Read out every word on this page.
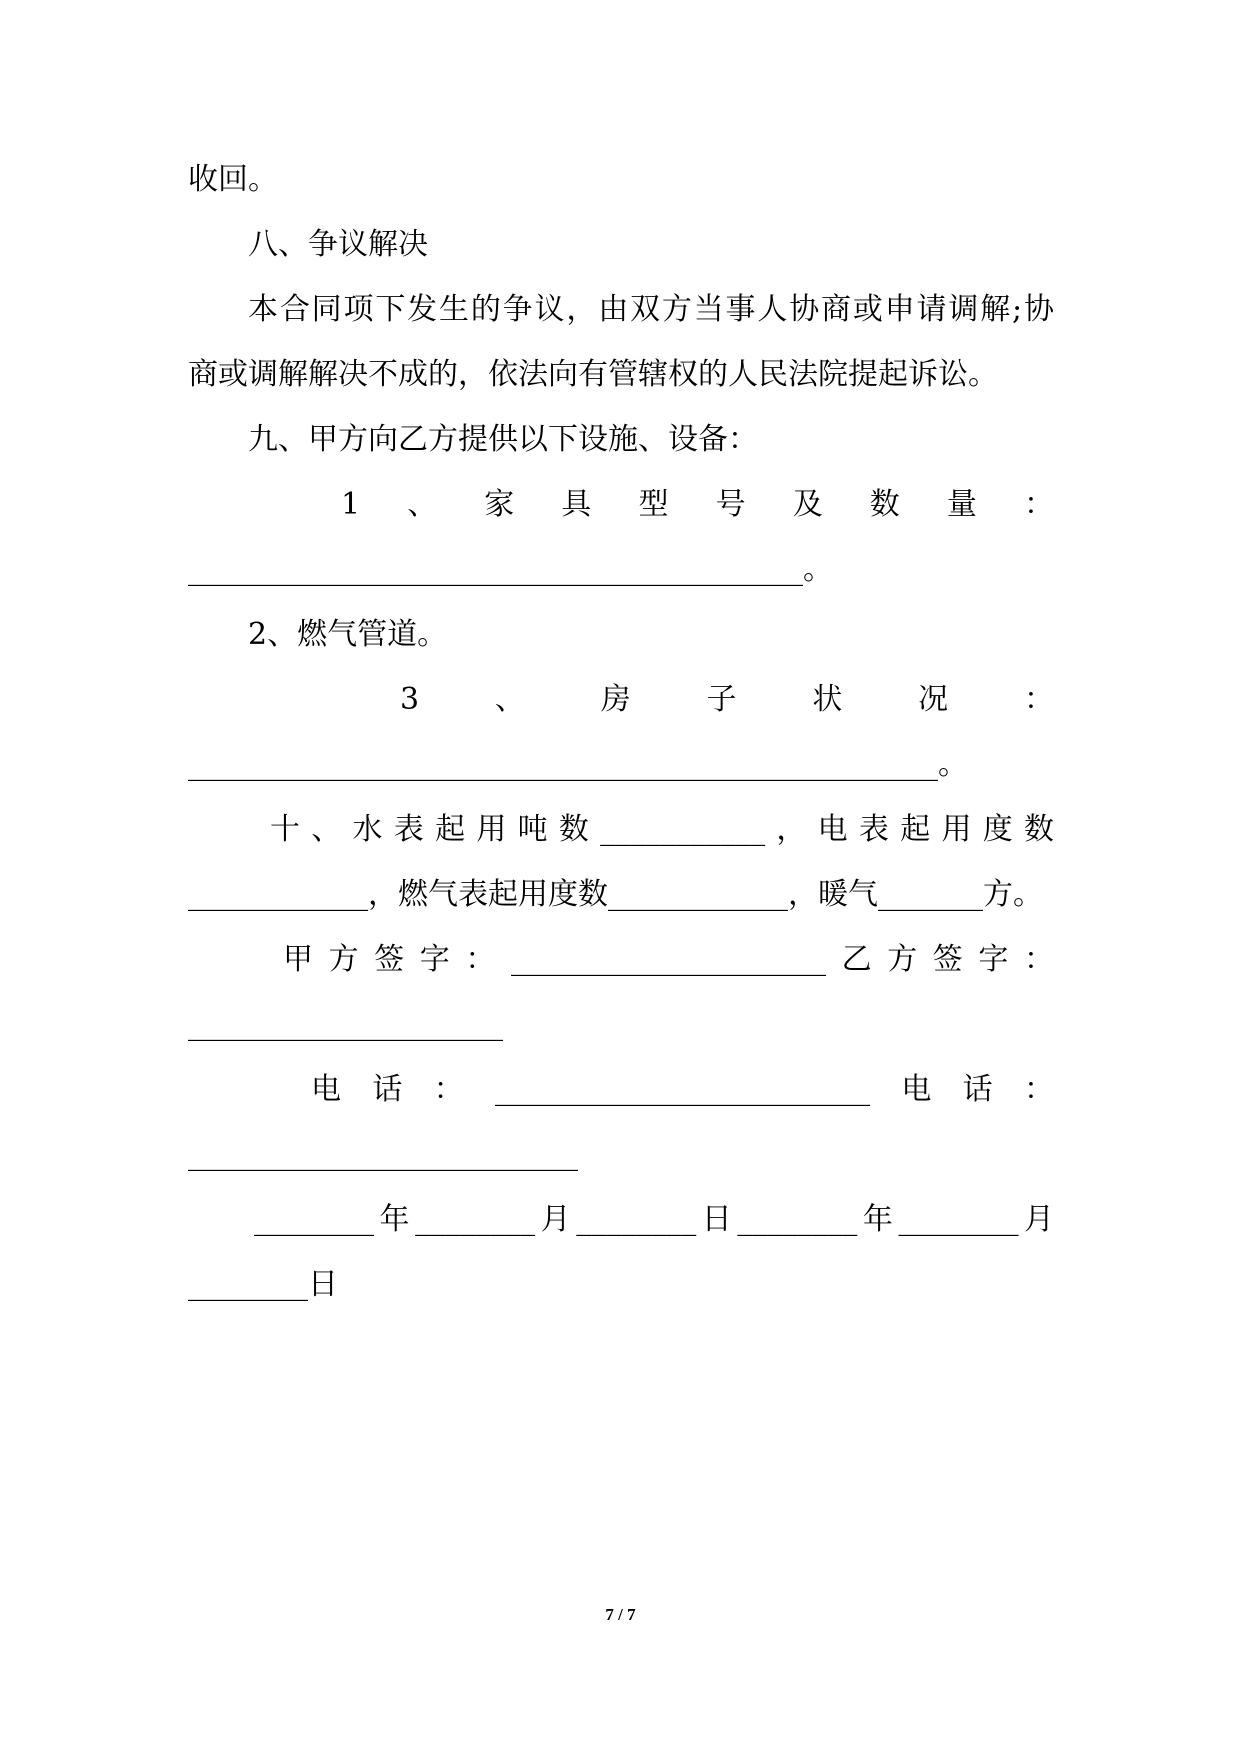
收回。
八、争议解决
本合同项下发生的争议，由双方当事人协商或申请调解;协
商或调解解决不成的，依法向有管辖权的人民法院提起诉讼。
九、甲方向乙方提供以下设施、设备：
1、家具型号及数量：
_________________________________________。
2、燃气管道。
3、房子状况：
__________________________________________________。
十、水表起用吨数___________，电表起用度数
____________，燃气表起用度数____________，暖气_______方。
甲方签字：_____________________乙方签字：
_____________________
电话：_________________________电话：
__________________________
________年________月________日________年________月
________日
7 / 7
